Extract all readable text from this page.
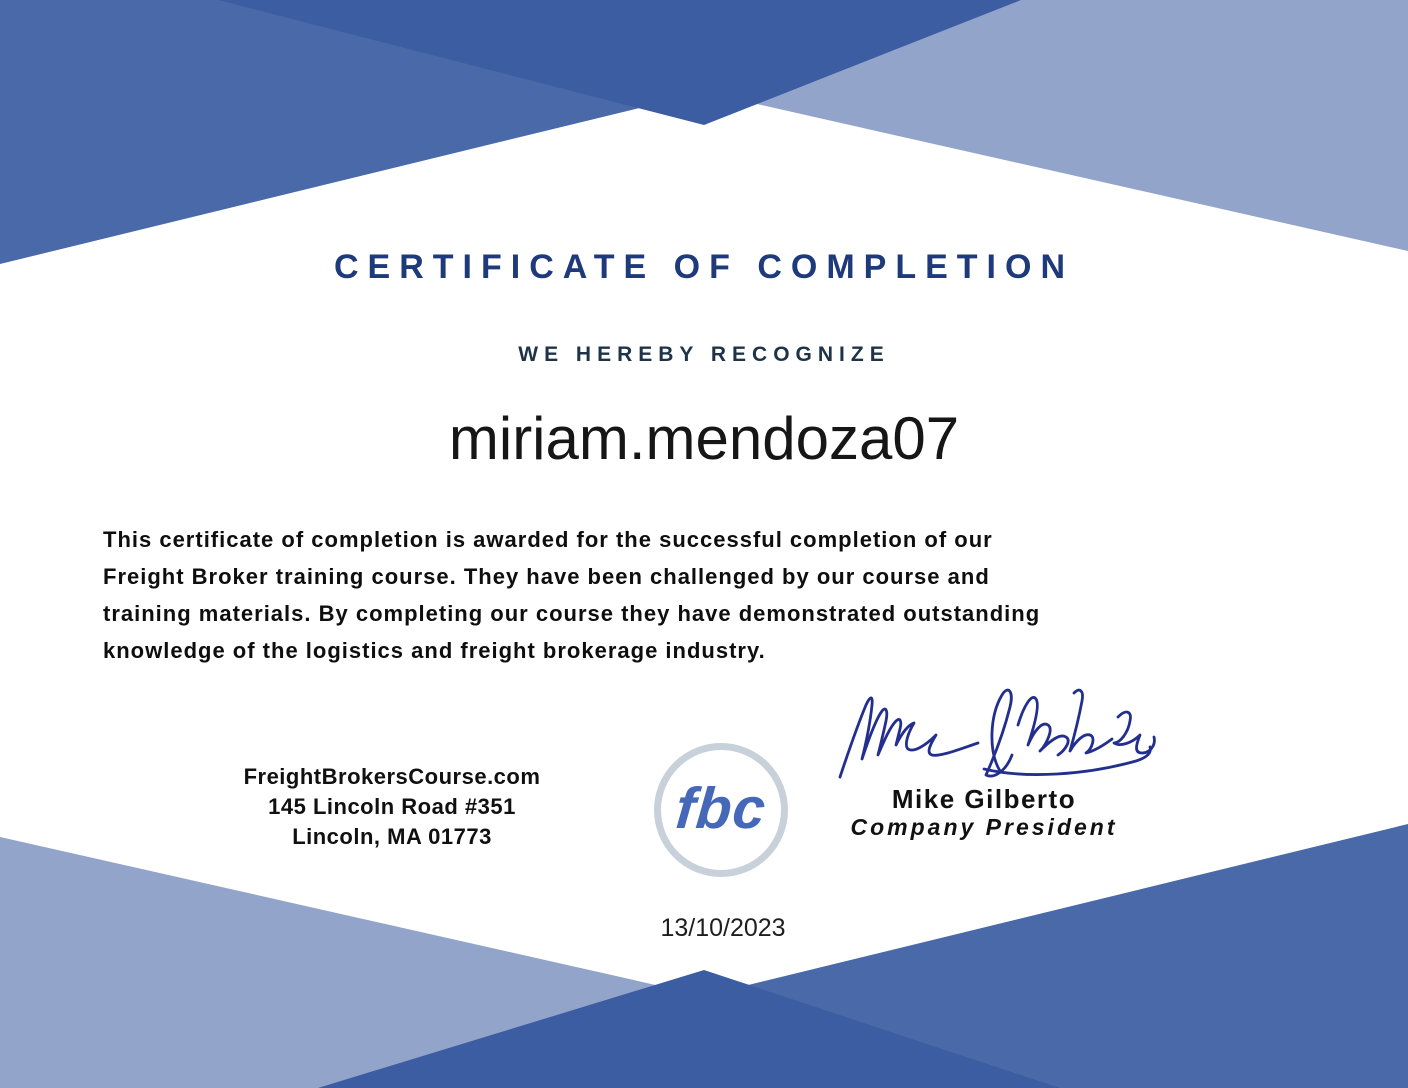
CERTIFICATE OF COMPLETION
WE HEREBY RECOGNIZE
miriam.mendoza07
This certificate of completion is awarded for the successful completion of our
Freight Broker training course. They have been challenged by our course and
training materials. By completing our course they have demonstrated outstanding
knowledge of the logistics and freight brokerage industry.
FreightBrokersCourse.com
145 Lincoln Road #351
Lincoln, MA 01773	fbc	Mike Gilberto
Company President
13/10/2023
